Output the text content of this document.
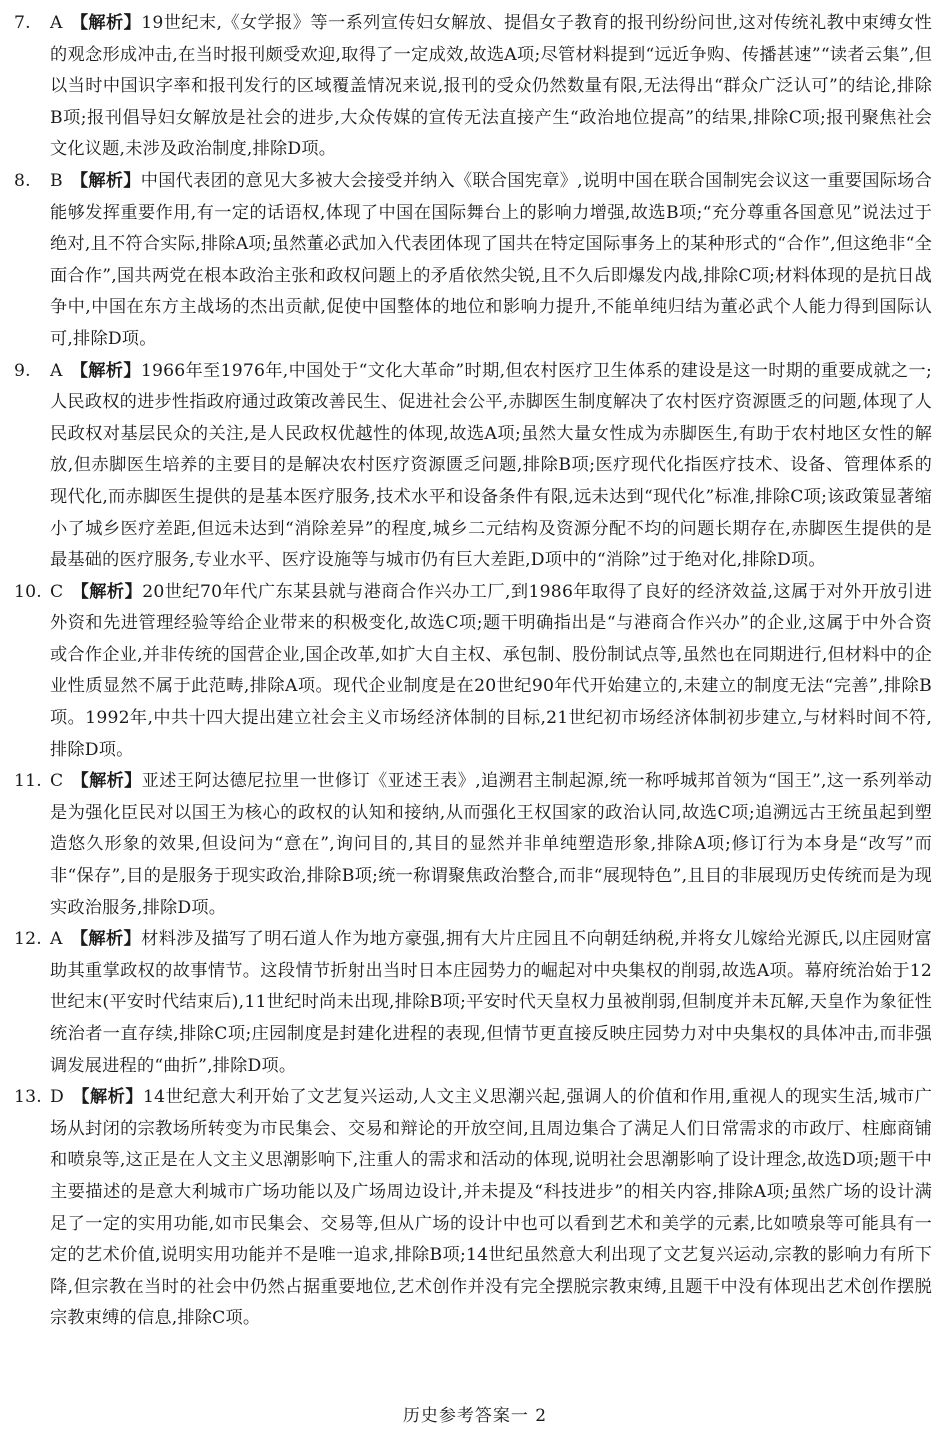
7. A 【解析】19世纪末,《女学报》等一系列宣传妇女解放、提倡女子教育的报刊纷纷问世,这对传统礼教中束缚女性的观念形成冲击,在当时报刊颇受欢迎,取得了一定成效,故选A项;尽管材料提到“远近争购、传播甚速”“读者云集”,但以当时中国识字率和报刊发行的区域覆盖情况来说,报刊的受众仍然数量有限,无法得出“群众广泛认可”的结论,排除B项;报刊倡导妇女解放是社会的进步,大众传媒的宣传无法直接产生“政治地位提高”的结果,排除C项;报刊聚焦社会文化议题,未涉及政治制度,排除D项。
8. B 【解析】中国代表团的意见大多被大会接受并纳入《联合国宪章》,说明中国在联合国制宪会议这一重要国际场合能够发挥重要作用,有一定的话语权,体现了中国在国际舞台上的影响力增强,故选B项;“充分尊重各国意见”说法过于绝对,且不符合实际,排除A项;虽然董必武加入代表团体现了国共在特定国际事务上的某种形式的“合作”,但这绝非“全面合作”,国共两党在根本政治主张和政权问题上的矛盾依然尖锐,且不久后即爆发内战,排除C项;材料体现的是抗日战争中,中国在东方主战场的杰出贡献,促使中国整体的地位和影响力提升,不能单纯归结为董必武个人能力得到国际认可,排除D项。
9. A 【解析】1966年至1976年,中国处于“文化大革命”时期,但农村医疗卫生体系的建设是这一时期的重要成就之一;人民政权的进步性指政府通过政策改善民生、促进社会公平,赤脚医生制度解决了农村医疗资源匮乏的问题,体现了人民政权对基层民众的关注,是人民政权优越性的体现,故选A项;虽然大量女性成为赤脚医生,有助于农村地区女性的解放,但赤脚医生培养的主要目的是解决农村医疗资源匮乏问题,排除B项;医疗现代化指医疗技术、设备、管理体系的现代化,而赤脚医生提供的是基本医疗服务,技术水平和设备条件有限,远未达到“现代化”标准,排除C项;该政策显著缩小了城乡医疗差距,但远未达到“消除差异”的程度,城乡二元结构及资源分配不均的问题长期存在,赤脚医生提供的是最基础的医疗服务,专业水平、医疗设施等与城市仍有巨大差距,D项中的“消除”过于绝对化,排除D项。
10. C 【解析】20世纪70年代广东某县就与港商合作兴办工厂,到1986年取得了良好的经济效益,这属于对外开放引进外资和先进管理经验等给企业带来的积极变化,故选C项;题干明确指出是“与港商合作兴办”的企业,这属于中外合资或合作企业,并非传统的国营企业,国企改革,如扩大自主权、承包制、股份制试点等,虽然也在同期进行,但材料中的企业性质显然不属于此范畴,排除A项。现代企业制度是在20世纪90年代开始建立的,未建立的制度无法“完善”,排除B项。1992年,中共十四大提出建立社会主义市场经济体制的目标,21世纪初市场经济体制初步建立,与材料时间不符,排除D项。
11. C 【解析】亚述王阿达德尼拉里一世修订《亚述王表》,追溯君主制起源,统一称呼城邦首领为“国王”,这一系列举动是为强化臣民对以国王为核心的政权的认知和接纳,从而强化王权国家的政治认同,故选C项;追溯远古王统虽起到塑造悠久形象的效果,但设问为“意在”,询问目的,其目的显然并非单纯塑造形象,排除A项;修订行为本身是“改写”而非“保存”,目的是服务于现实政治,排除B项;统一称谓聚焦政治整合,而非“展现特色”,且目的非展现历史传统而是为现实政治服务,排除D项。
12. A 【解析】材料涉及描写了明石道人作为地方豪强,拥有大片庄园且不向朝廷纳税,并将女儿嫁给光源氏,以庄园财富助其重掌政权的故事情节。这段情节折射出当时日本庄园势力的崛起对中央集权的削弱,故选A项。幕府统治始于12世纪末(平安时代结束后),11世纪时尚未出现,排除B项;平安时代天皇权力虽被削弱,但制度并未瓦解,天皇作为象征性统治者一直存续,排除C项;庄园制度是封建化进程的表现,但情节更直接反映庄园势力对中央集权的具体冲击,而非强调发展进程的“曲折”,排除D项。
13. D 【解析】14世纪意大利开始了文艺复兴运动,人文主义思潮兴起,强调人的价值和作用,重视人的现实生活,城市广场从封闭的宗教场所转变为市民集会、交易和辩论的开放空间,且周边集合了满足人们日常需求的市政厅、柱廊商铺和喷泉等,这正是在人文主义思潮影响下,注重人的需求和活动的体现,说明社会思潮影响了设计理念,故选D项;题干中主要描述的是意大利城市广场功能以及广场周边设计,并未提及“科技进步”的相关内容,排除A项;虽然广场的设计满足了一定的实用功能,如市民集会、交易等,但从广场的设计中也可以看到艺术和美学的元素,比如喷泉等可能具有一定的艺术价值,说明实用功能并不是唯一追求,排除B项;14世纪虽然意大利出现了文艺复兴运动,宗教的影响力有所下降,但宗教在当时的社会中仍然占据重要地位,艺术创作并没有完全摆脱宗教束缚,且题干中没有体现出艺术创作摆脱宗教束缚的信息,排除C项。
历史参考答案一 2
